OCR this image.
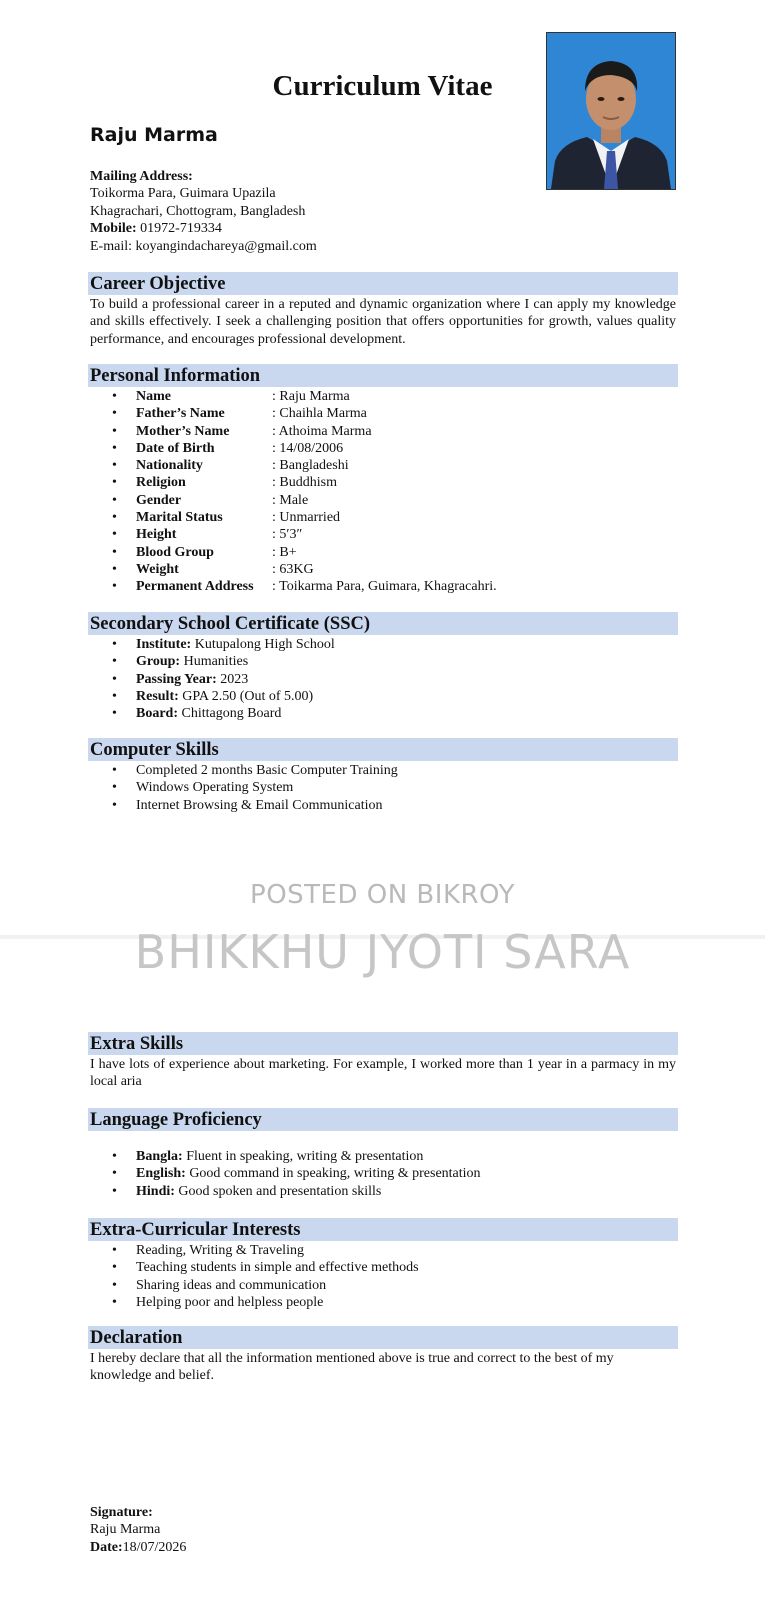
Curriculum Vitae
Raju Marma
Mailing Address:
Toikorma Para, Guimara Upazila
Khagrachari, Chottogram, Bangladesh
Mobile: 01972-719334
E-mail: koyangindachareya@gmail.com
Career Objective
To build a professional career in a reputed and dynamic organization where I can apply my knowledge and skills effectively. I seek a challenging position that offers opportunities for growth, values quality performance, and encourages professional development.
Personal Information
• Name	: Raju Marma
• Father’s Name	: Chaihla Marma
• Mother’s Name	: Athoima Marma
• Date of Birth	: 14/08/2006
• Nationality	: Bangladeshi
• Religion	: Buddhism
• Gender	: Male
• Marital Status	: Unmarried
• Height	: 5′3″
• Blood Group	: B+
• Weight	: 63KG
• Permanent Address : Toikarma Para, Guimara, Khagracahri.
Secondary School Certificate (SSC)
• Institute: Kutupalong High School
• Group: Humanities
• Passing Year: 2023
• Result: GPA 2.50 (Out of 5.00)
• Board: Chittagong Board
Computer Skills
• Completed 2 months Basic Computer Training
• Windows Operating System
• Internet Browsing & Email Communication
POSTED ON BIKROY
BHIKKHU JYOTI SARA
Extra Skills
I have lots of experience about marketing. For example, I worked more than 1 year in a parmacy in my local aria
Language Proficiency
• Bangla: Fluent in speaking, writing & presentation
• English: Good command in speaking, writing & presentation
• Hindi: Good spoken and presentation skills
Extra-Curricular Interests
• Reading, Writing & Traveling
• Teaching students in simple and effective methods
• Sharing ideas and communication
• Helping poor and helpless people
Declaration
I hereby declare that all the information mentioned above is true and correct to the best of my knowledge and belief.
Signature:
Raju Marma
Date:18/07/2026
